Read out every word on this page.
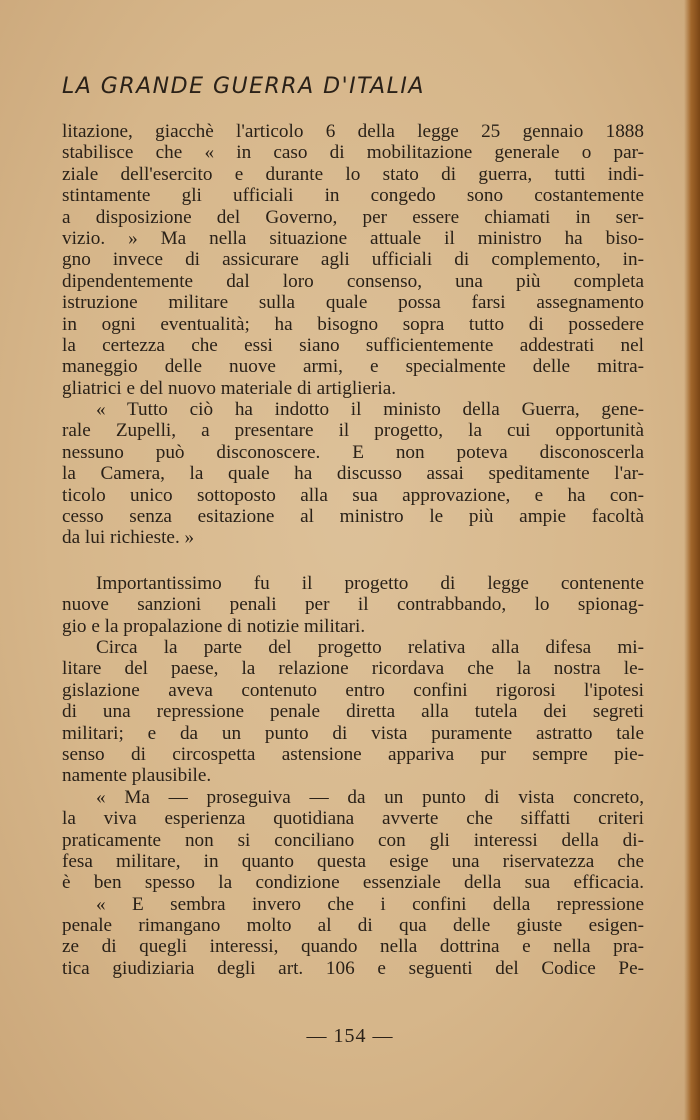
LA GRANDE GUERRA D'ITALIA
litazione, giacchè l'articolo 6 della legge 25 gennaio 1888
stabilisce che « in caso di mobilitazione generale o par-
ziale dell'esercito e durante lo stato di guerra, tutti indi-
stintamente gli ufficiali in congedo sono costantemente
a disposizione del Governo, per essere chiamati in ser-
vizio. » Ma nella situazione attuale il ministro ha biso-
gno invece di assicurare agli ufficiali di complemento, in-
dipendentemente dal loro consenso, una più completa
istruzione militare sulla quale possa farsi assegnamento
in ogni eventualità; ha bisogno sopra tutto di possedere
la certezza che essi siano sufficientemente addestrati nel
maneggio delle nuove armi, e specialmente delle mitra-
gliatrici e del nuovo materiale di artiglieria.
« Tutto ciò ha indotto il ministo della Guerra, gene-
rale Zupelli, a presentare il progetto, la cui opportunità
nessuno può disconoscere. E non poteva disconoscerla
la Camera, la quale ha discusso assai speditamente l'ar-
ticolo unico sottoposto alla sua approvazione, e ha con-
cesso senza esitazione al ministro le più ampie facoltà
da lui richieste. »
Importantissimo fu il progetto di legge contenente
nuove sanzioni penali per il contrabbando, lo spionag-
gio e la propalazione di notizie militari.
Circa la parte del progetto relativa alla difesa mi-
litare del paese, la relazione ricordava che la nostra le-
gislazione aveva contenuto entro confini rigorosi l'ipotesi
di una repressione penale diretta alla tutela dei segreti
militari; e da un punto di vista puramente astratto tale
senso di circospetta astensione appariva pur sempre pie-
namente plausibile.
« Ma — proseguiva — da un punto di vista concreto,
la viva esperienza quotidiana avverte che siffatti criteri
praticamente non si conciliano con gli interessi della di-
fesa militare, in quanto questa esige una riservatezza che
è ben spesso la condizione essenziale della sua efficacia.
« E sembra invero che i confini della repressione
penale rimangano molto al di qua delle giuste esigen-
ze di quegli interessi, quando nella dottrina e nella pra-
tica giudiziaria degli art. 106 e seguenti del Codice Pe-
— 154 —
